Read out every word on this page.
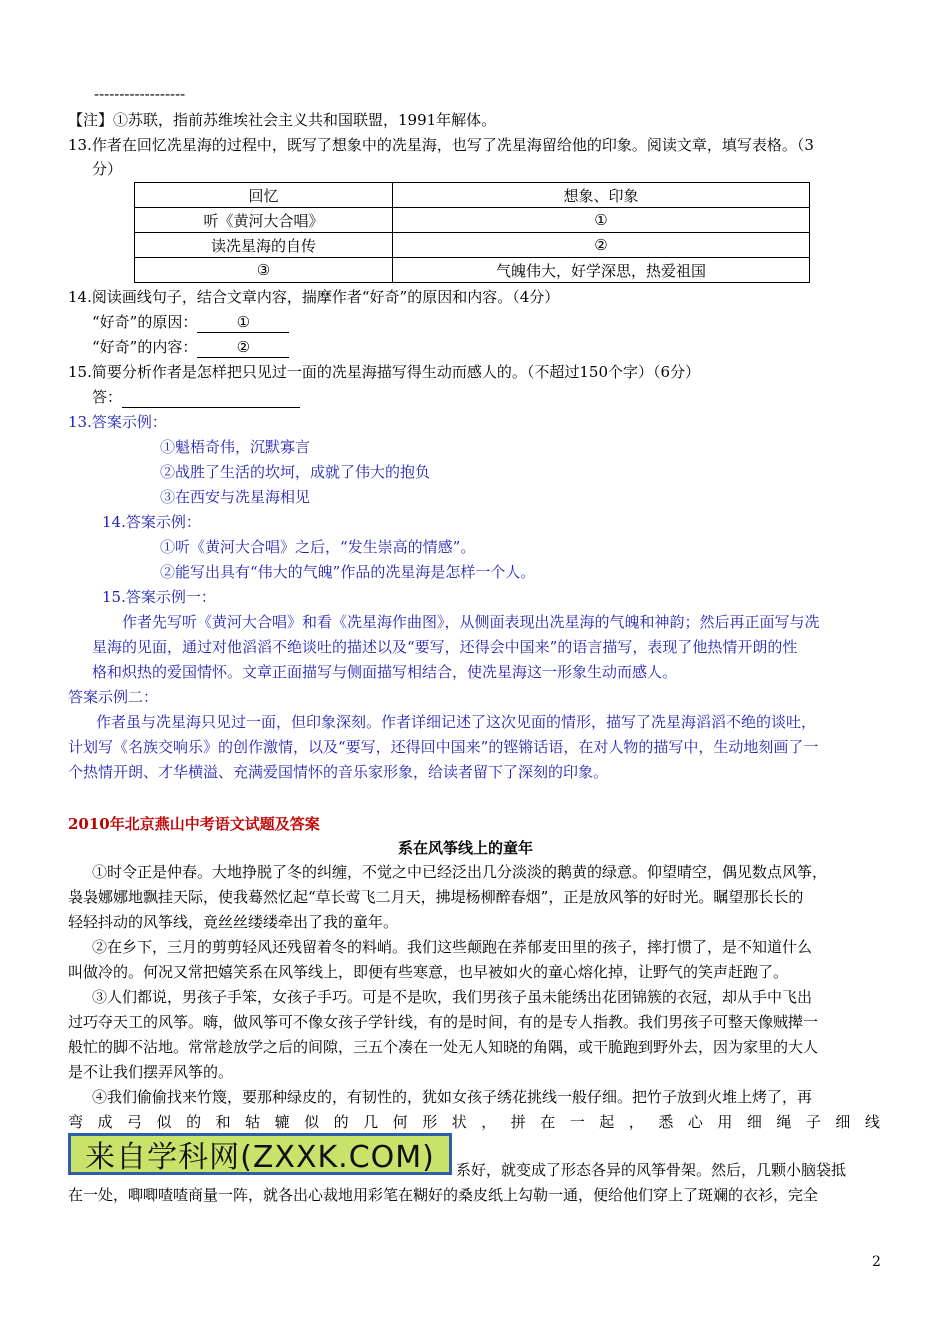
------------------
【注】①苏联，指前苏维埃社会主义共和国联盟，1991年解体。
13.作者在回忆冼星海的过程中，既写了想象中的冼星海，也写了冼星海留给他的印象。阅读文章，填写表格。（3
分）
回忆	想象、印象
听《黄河大合唱》	①
读冼星海的自传	②
③	气魄伟大，好学深思，热爱祖国
14.阅读画线句子，结合文章内容，揣摩作者“好奇”的原因和内容。（4分）
“好奇”的原因：	①
“好奇”的内容：	②
15.简要分析作者是怎样把只见过一面的冼星海描写得生动而感人的。（不超过150个字）（6分）
答：
13.答案示例：
①魁梧奇伟，沉默寡言
②战胜了生活的坎坷，成就了伟大的抱负
③在西安与冼星海相见
14.答案示例：
①听《黄河大合唱》之后，“发生崇高的情感”。
②能写出具有“伟大的气魄”作品的冼星海是怎样一个人。
15.答案示例一：
作者先写听《黄河大合唱》和看《冼星海作曲图》，从侧面表现出冼星海的气魄和神韵；然后再正面写与冼
星海的见面，通过对他滔滔不绝谈吐的描述以及“要写，还得会中国来”的语言描写，表现了他热情开朗的性
格和炽热的爱国情怀。文章正面描写与侧面描写相结合，使冼星海这一形象生动而感人。
答案示例二：
作者虽与冼星海只见过一面，但印象深刻。作者详细记述了这次见面的情形，描写了冼星海滔滔不绝的谈吐，
计划写《名族交响乐》的创作激情，以及“要写，还得回中国来”的铿锵话语，在对人物的描写中，生动地刻画了一
个热情开朗、才华横溢、充满爱国情怀的音乐家形象，给读者留下了深刻的印象。
2010年北京燕山中考语文试题及答案
系在风筝线上的童年
①时令正是仲春。大地挣脱了冬的纠缠，不觉之中已经泛出几分淡淡的鹅黄的绿意。仰望晴空，偶见数点风筝，
袅袅娜娜地飘挂天际，使我蓦然忆起“草长莺飞二月天，拂堤杨柳醉春烟”，正是放风筝的好时光。瞩望那长长的
轻轻抖动的风筝线，竟丝丝缕缕牵出了我的童年。
②在乡下，三月的剪剪轻风还残留着冬的料峭。我们这些颠跑在荞郁麦田里的孩子，摔打惯了，是不知道什么
叫做冷的。何况又常把嬉笑系在风筝线上，即便有些寒意，也早被如火的童心熔化掉，让野气的笑声赶跑了。
③人们都说，男孩子手笨，女孩子手巧。可是不是吹，我们男孩子虽未能绣出花团锦簇的衣冠，却从手中飞出
过巧夺天工的风筝。嗨，做风筝可不像女孩子学针线，有的是时间，有的是专人指教。我们男孩子可整天像贼撵一
般忙的脚不沾地。常常趁放学之后的间隙，三五个凑在一处无人知晓的角隅，或干脆跑到野外去，因为家里的大人
是不让我们摆弄风筝的。
④我们偷偷找来竹篾，要那种绿皮的，有韧性的，犹如女孩子绣花挑线一般仔细。把竹子放到火堆上烤了，再
弯 成 弓 似 的 和 轱 辘 似 的 几 何 形 状 ， 拼 在 一 起 ， 悉 心 用 细 绳 子 细 线
来自学科网(ZXXK.COM)	系好，就变成了形态各异的风筝骨架。然后，几颗小脑袋抵
在一处，唧唧喳喳商量一阵，就各出心裁地用彩笔在糊好的桑皮纸上勾勒一通，便给他们穿上了斑斓的衣衫，完全
2
